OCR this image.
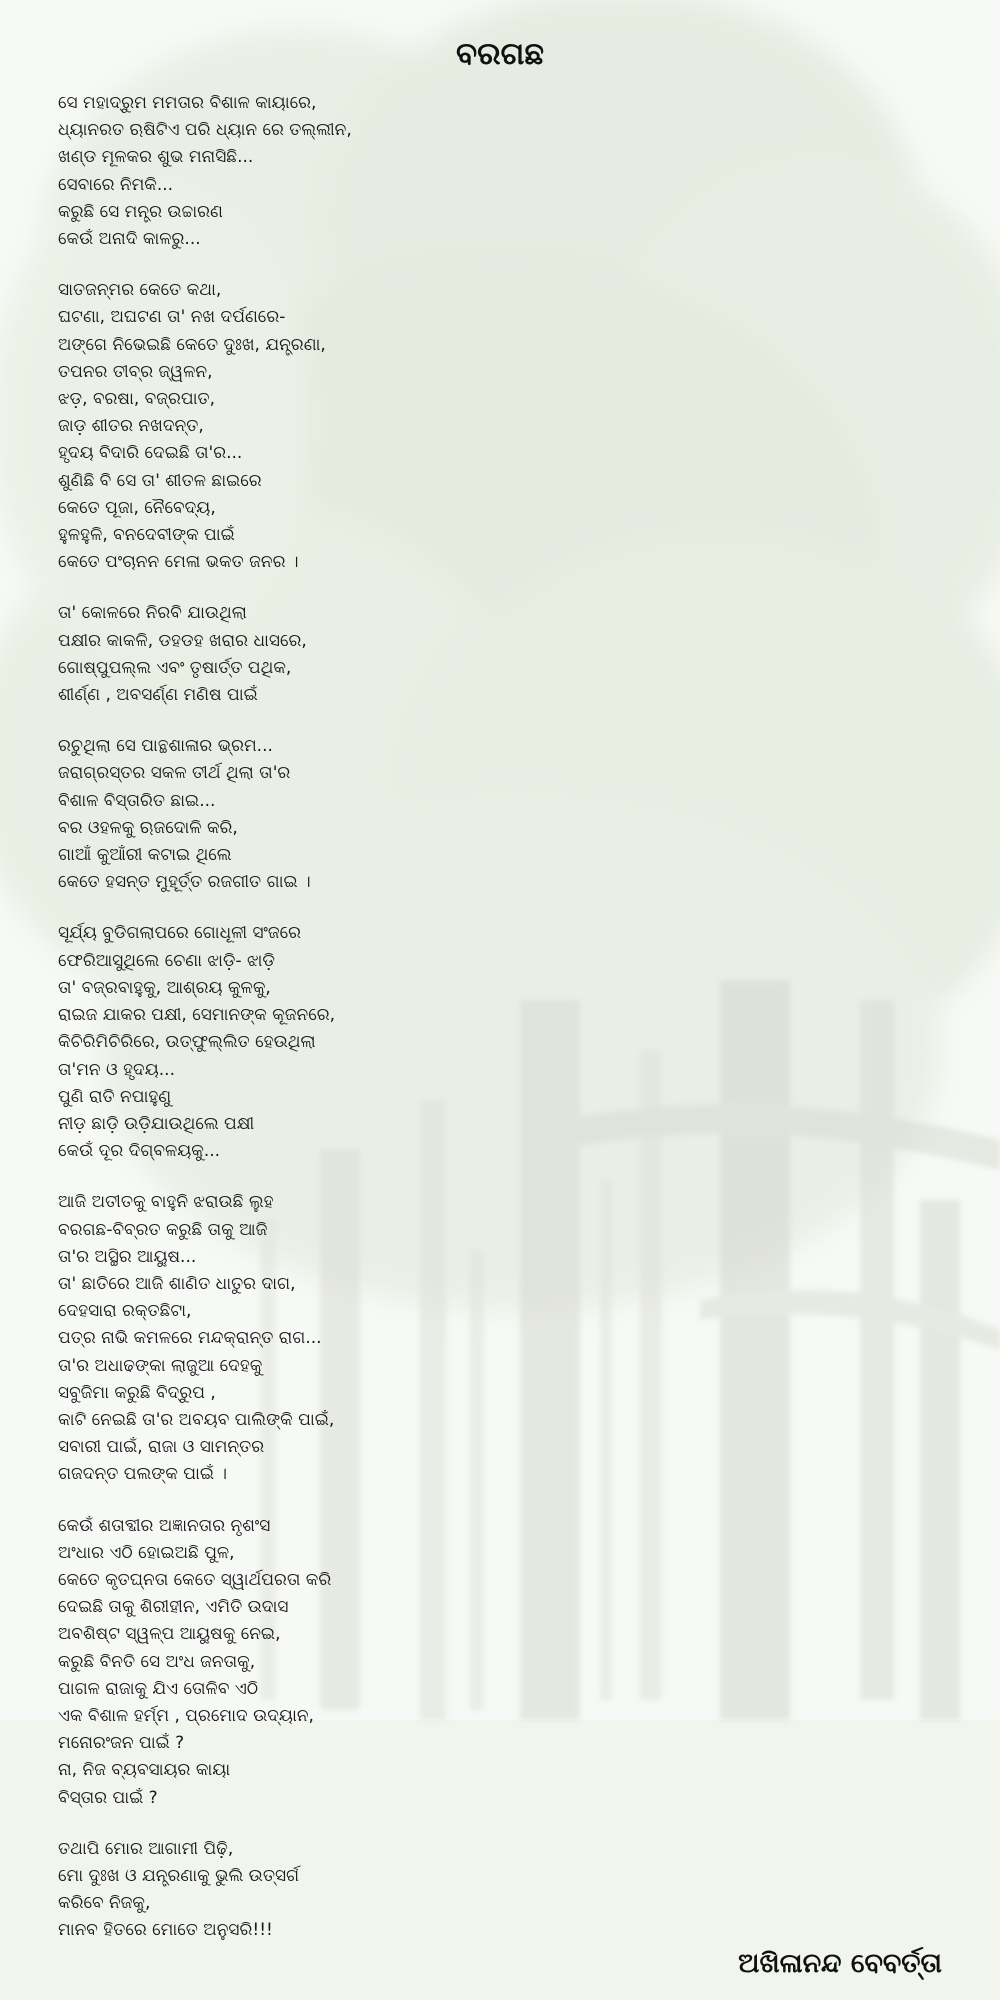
ବରଗଛ
ସେ ମହାଦ୍ରୁମ ମମତାର ବିଶାଳ କାୟାରେ,
ଧ୍ୟାନରତ ଋଷିଟିଏ ପରି ଧ୍ୟାନ ରେ ତଲ୍ଲୀନ,
ଖଣ୍ଡ ମୂଳକର ଶୁଭ ମନାସିଛି...
ସେବାରେ ନିମକି...
କରୁଛି ସେ ମନ୍ତ୍ର ଉଚ୍ଚାରଣ
କେଉଁ ଅନାଦି କାଳରୁ...
ସାତଜନ୍ମର କେତେ କଥା,
ଘଟଣା, ଅଘଟଣ ତା' ନଖ ଦର୍ପଣରେ-
ଅଙ୍ଗେ ନିଭେଇଛି କେତେ ଦୁଃଖ, ଯନ୍ତ୍ରଣା,
ତପନର ତୀବ୍ର ଜ୍ୱଳନ,
ଝଡ଼, ବରଷା, ବଜ୍ରପାତ,
ଜାଡ଼ ଶୀତର ନଖଦନ୍ତ,
ହୃଦୟ ବିଦାରି ଦେଇଛି ତା'ର...
ଶୁଣିଛି ବି ସେ ତା' ଶୀତଳ ଛାଇରେ
କେତେ ପୂଜା, ନୈବେଦ୍ୟ,
ହୁଳହୁଳି, ବନଦେବୀଙ୍କ ପାଇଁ
କେତେ ପଂଚାନନ ମେଳା ଭକତ ଜନର ।
ତା' କୋଳରେ ନିରବି ଯାଉଥିଲା
ପକ୍ଷୀର କାକଳି, ଡହଡହ ଖରାର ଧାସରେ,
ଗୋଷ୍ପୁପଲ୍ଲ ଏବଂ ତୃଷାର୍ତ୍ତ ପଥିକ,
ଶୀର୍ଣ୍ଣ , ଅବସର୍ଣ୍ଣ ମଣିଷ ପାଇଁ
ରଚୁଥିଲା ସେ ପାନ୍ଥଶାଳାର ଭ୍ରମ...
ଜରାଗ୍ରସ୍ତର ସକଳ ତୀର୍ଥ ଥିଲା ତା'ର
ବିଶାଳ ବିସ୍ତାରିତ ଛାଇ...
ବର ଓହଳକୁ ଋଜଦୋଳି କରି,
ଗାଆଁ କୁଆଁରୀ କଟାଇ ଥିଲେ
କେତେ ହସନ୍ତ ମୁହୂର୍ତ୍ତ ରଜଗୀତ ଗାଇ ।
ସୂର୍ଯ୍ୟ ବୁଡିଗଲାପରେ ଗୋଧୂଳୀ ସଂଜରେ
ଫେରିଆସୁଥିଲେ ଚେଣା ଝାଡ଼ି- ଝାଡ଼ି
ତା' ବଜ୍ରବାହୁକୁ, ଆଶ୍ରୟ କୁଳକୁ,
ରାଇଜ ଯାକର ପକ୍ଷୀ, ସେମାନଙ୍କ କୂଜନରେ,
କିଚିରିମିଚିରିରେ, ଉତ୍‌ଫୁଲ୍ଲିତ ହେଉଥିଲା
ତା'ମନ ଓ ହୃଦୟ...
ପୁଣି ରାତି ନପାହୁଣୁ
ନୀଡ଼ ଛାଡ଼ି ଉଡ଼ିଯାଉଥିଲେ ପକ୍ଷୀ
କେଉଁ ଦୂର ଦିଗ୍‌ବଳୟକୁ...
ଆଜି ଅତୀତକୁ ବାହୁନି ଝରାଉଛି ଲୁହ
ବରଗଛ-ବିବ୍ରତ କରୁଛି ତାକୁ ଆଜି
ତା'ର ଅସ୍ଥିର ଆୟୁଷ...
ତା' ଛାତିରେ ଆଜି ଶାଣିତ ଧାତୁର ଦାଗ,
ଦେହସାରା ରକ୍ତଛିଟା,
ପତ୍ର ନାଭି କମଳରେ ମନ୍ଦକ୍ରାନ୍ତ ରାଗ...
ତା'ର ଅଧାଢଙ୍କା ଲାଜୁଆ ଦେହକୁ
ସବୁଜିମା କରୁଛି ବିଦ୍ରୁପ ,
କାଟି ନେଇଛି ତା'ର ଅବୟବ ପାଲିଙ୍କି ପାଇଁ,
ସବାରୀ ପାଇଁ, ରାଜା ଓ ସାମନ୍ତର
ଗଜଦନ୍ତ ପଲଙ୍କ ପାଇଁ ।
କେଉଁ ଶତାବ୍ଦୀର ଅଜ୍ଞାନତାର ନୃଶଂସ
ଅଂଧାର ଏଠି ହୋଇଅଛି ପୁଳ,
କେତେ କୃତଘ୍ନତା କେତେ ସ୍ୱାର୍ଥପରତା କରି
ଦେଇଛି ତାକୁ ଶିରୀହୀନ, ଏମିତି ଉଦାସ
ଅବଶିଷ୍ଟ ସ୍ୱଳ୍ପ ଆୟୁଷକୁ ନେଇ,
କରୁଛି ବିନତି ସେ ଅଂଧ ଜନତାକୁ,
ପାଗଳ ରାଜାକୁ ଯିଏ ତୋଳିବ ଏଠି
ଏକ ବିଶାଳ ହର୍ମ୍ମ , ପ୍ରମୋଦ ଉଦ୍ୟାନ,
ମନୋରଂଜନ ପାଇଁ ?
ନା, ନିଜ ବ୍ୟବସାୟର କାୟା
ବିସ୍ତାର ପାଇଁ ?
ତଥାପି ମୋର ଆଗାମୀ ପିଢ଼ି,
ମୋ ଦୁଃଖ ଓ ଯନ୍ତ୍ରଣାକୁ ଭୁଲି ଉତ୍ସର୍ଗ
କରିବେ ନିଜକୁ,
ମାନବ ହିତରେ ମୋତେ ଅନୁସରି!!!
ଅଖିଳାନନ୍ଦ ବେବର୍ତ୍ତା
